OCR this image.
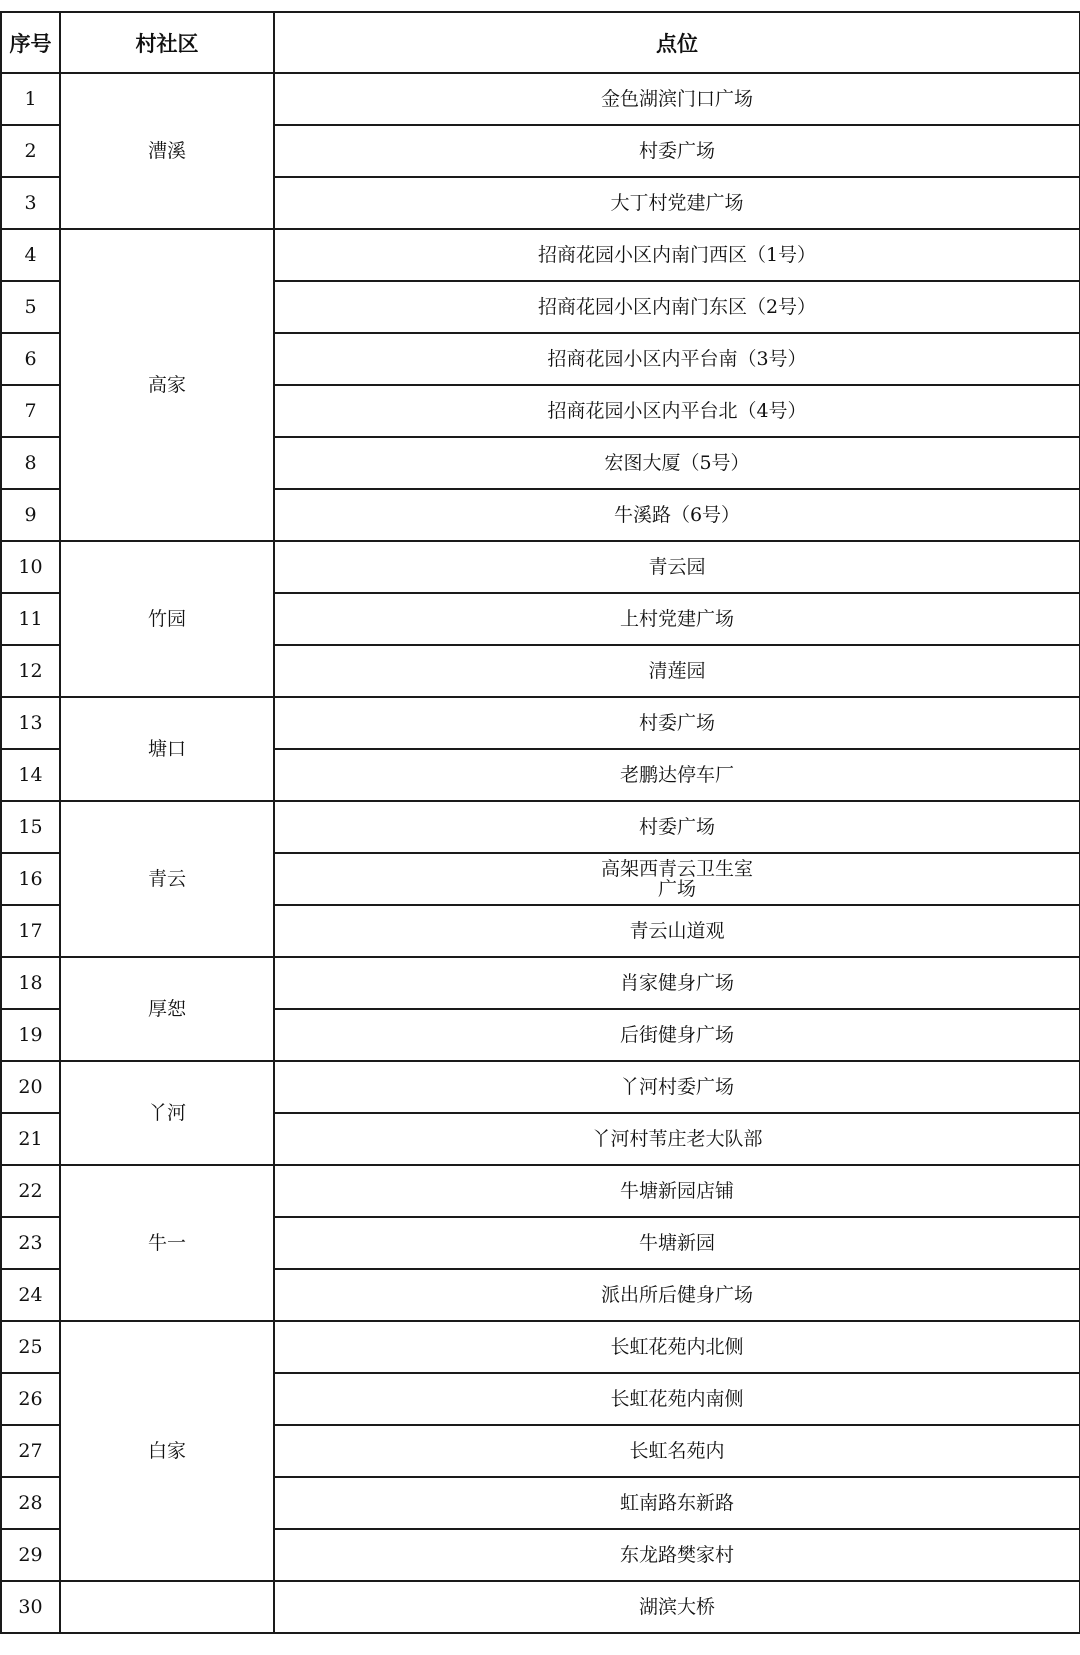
序号	村社区	点位
1	漕溪	金色湖滨门口广场
2		村委广场
3		大丁村党建广场
4	高家	招商花园小区内南门西区（1号）
5		招商花园小区内南门东区（2号）
6		招商花园小区内平台南（3号）
7		招商花园小区内平台北（4号）
8		宏图大厦（5号）
9		牛溪路（6号）
10	竹园	青云园
11		上村党建广场
12		清莲园
13	塘口	村委广场
14		老鹏达停车厂
15	青云	村委广场
16		高架西青云卫生室
广场
17		青云山道观
18	厚恕	肖家健身广场
19		后街健身广场
20	丫河	丫河村委广场
21		丫河村苇庄老大队部
22	牛一	牛塘新园店铺
23		牛塘新园
24		派出所后健身广场
25	白家	长虹花苑内北侧
26		长虹花苑内南侧
27		长虹名苑内
28		虹南路东新路
29		东龙路樊家村
30		湖滨大桥
